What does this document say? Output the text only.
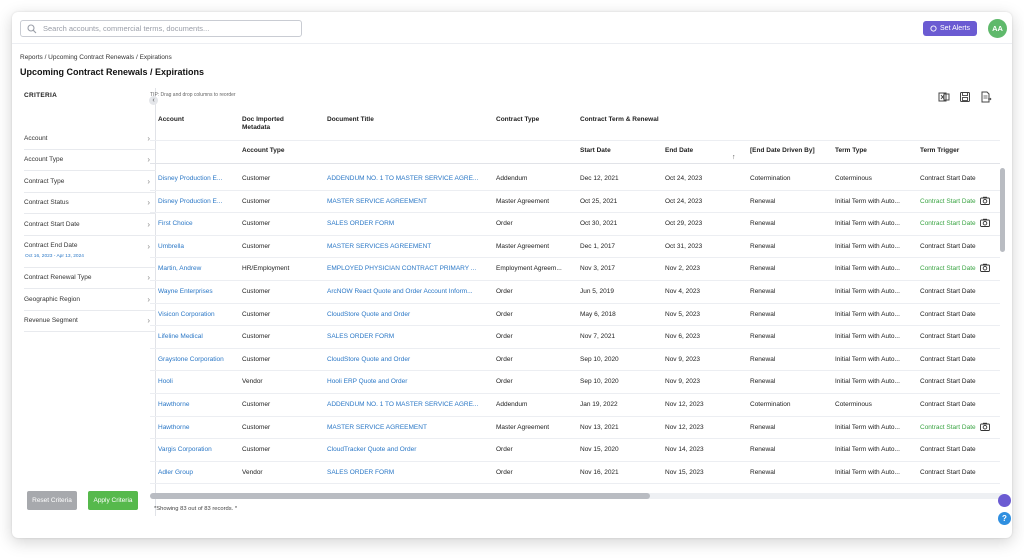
Search accounts, commercial terms, documents...
Set Alerts	AA
Reports / Upcoming Contract Renewals / Expirations
Upcoming Contract Renewals / Expirations
CRITERIA
‹
Account	›
Account Type	›
Contract Type	›
Contract Status	›
Contract Start Date	›
Contract End Date
Oct 16, 2023 - Apr 13, 2024
›
Contract Renewal Type	›
Geographic Region	›
Revenue Segment	›
Reset Criteria	Apply Criteria
TIP: Drag and drop columns to reorder
Account	Doc Imported Metadata
Account Type
Document Title	Contract Type	Contract Term & Renewal
Start Date	End Date
↑
[End Date Driven By]	Term Type	Term Trigger
Disney Production E...	Customer	ADDENDUM NO. 1 TO MASTER SERVICE AGRE...	Addendum	Dec 12, 2021	Oct 24, 2023	Cotermination	Coterminous	Contract Start Date
Disney Production E...	Customer	MASTER SERVICE AGREEMENT	Master Agreement	Oct 25, 2021	Oct 24, 2023	Renewal	Initial Term with Auto...	Contract Start Date
First Choice	Customer	SALES ORDER FORM	Order	Oct 30, 2021	Oct 29, 2023	Renewal	Initial Term with Auto...	Contract Start Date
Umbrella	Customer	MASTER SERVICES AGREEMENT	Master Agreement	Dec 1, 2017	Oct 31, 2023	Renewal	Initial Term with Auto...	Contract Start Date
Martin, Andrew	HR/Employment	EMPLOYED PHYSICIAN CONTRACT PRIMARY ...	Employment Agreem...	Nov 3, 2017	Nov 2, 2023	Renewal	Initial Term with Auto...	Contract Start Date
Wayne Enterprises	Customer	ArcNOW React Quote and Order Account Inform...	Order	Jun 5, 2019	Nov 4, 2023	Renewal	Initial Term with Auto...	Contract Start Date
Visicon Corporation	Customer	CloudStore Quote and Order	Order	May 6, 2018	Nov 5, 2023	Renewal	Initial Term with Auto...	Contract Start Date
Lifeline Medical	Customer	SALES ORDER FORM	Order	Nov 7, 2021	Nov 6, 2023	Renewal	Initial Term with Auto...	Contract Start Date
Graystone Corporation	Customer	CloudStore Quote and Order	Order	Sep 10, 2020	Nov 9, 2023	Renewal	Initial Term with Auto...	Contract Start Date
Hooli	Vendor	Hooli ERP Quote and Order	Order	Sep 10, 2020	Nov 9, 2023	Renewal	Initial Term with Auto...	Contract Start Date
Hawthorne	Customer	ADDENDUM NO. 1 TO MASTER SERVICE AGRE...	Addendum	Jan 19, 2022	Nov 12, 2023	Cotermination	Coterminous	Contract Start Date
Hawthorne	Customer	MASTER SERVICE AGREEMENT	Master Agreement	Nov 13, 2021	Nov 12, 2023	Renewal	Initial Term with Auto...	Contract Start Date
Vargis Corporation	Customer	CloudTracker Quote and Order	Order	Nov 15, 2020	Nov 14, 2023	Renewal	Initial Term with Auto...	Contract Start Date
Adler Group	Vendor	SALES ORDER FORM	Order	Nov 16, 2021	Nov 15, 2023	Renewal	Initial Term with Auto...	Contract Start Date
*Showing 83 out of 83 records. *
?
